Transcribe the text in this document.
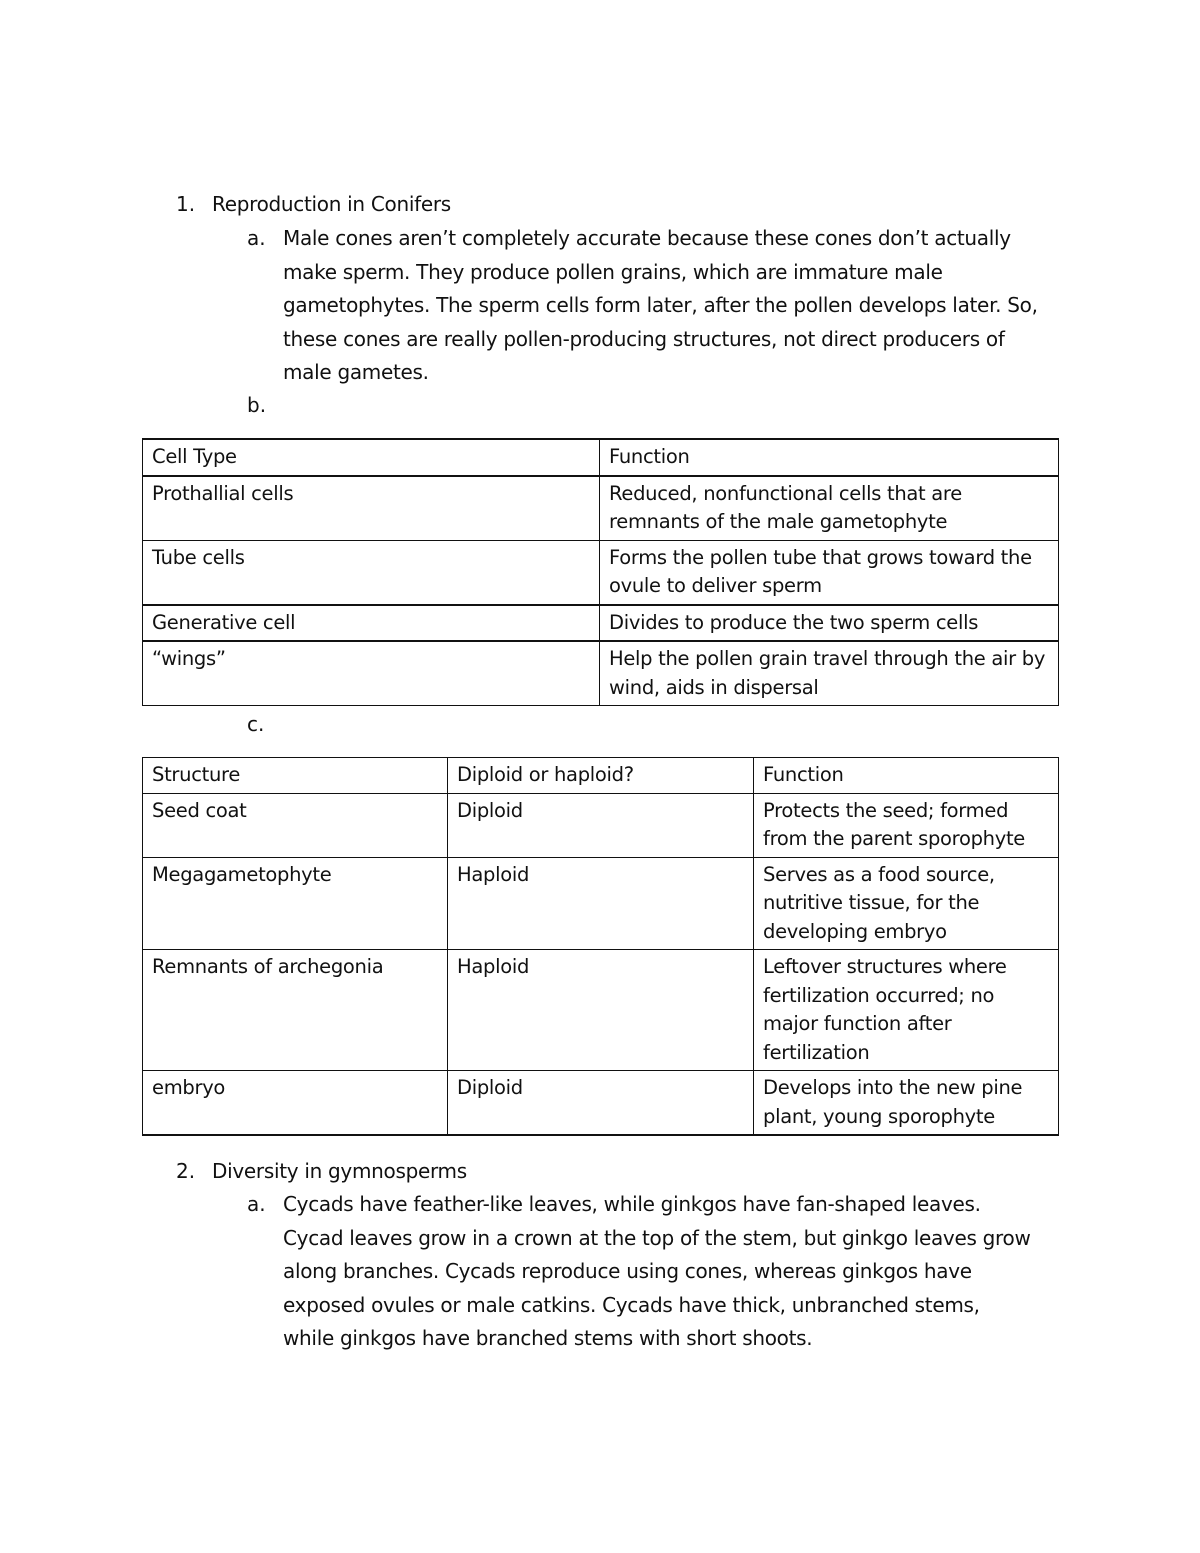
1. Reproduction in Conifers
a. Male cones aren’t completely accurate because these cones don’t actually
make sperm. They produce pollen grains, which are immature male
gametophytes. The sperm cells form later, after the pollen develops later. So,
these cones are really pollen-producing structures, not direct producers of
male gametes.
b.
Cell Type	Function
Prothallial cells	Reduced, nonfunctional cells that are remnants of the male gametophyte
Tube cells	Forms the pollen tube that grows toward the ovule to deliver sperm
Generative cell	Divides to produce the two sperm cells
“wings”	Help the pollen grain travel through the air by wind, aids in dispersal
c.
Structure	Diploid or haploid?	Function
Seed coat	Diploid	Protects the seed; formed from the parent sporophyte
Megagametophyte	Haploid	Serves as a food source, nutritive tissue, for the developing embryo
Remnants of archegonia	Haploid	Leftover structures where fertilization occurred; no major function after fertilization
embryo	Diploid	Develops into the new pine plant, young sporophyte
2. Diversity in gymnosperms
a. Cycads have feather-like leaves, while ginkgos have fan-shaped leaves.
Cycad leaves grow in a crown at the top of the stem, but ginkgo leaves grow
along branches. Cycads reproduce using cones, whereas ginkgos have
exposed ovules or male catkins. Cycads have thick, unbranched stems,
while ginkgos have branched stems with short shoots.
